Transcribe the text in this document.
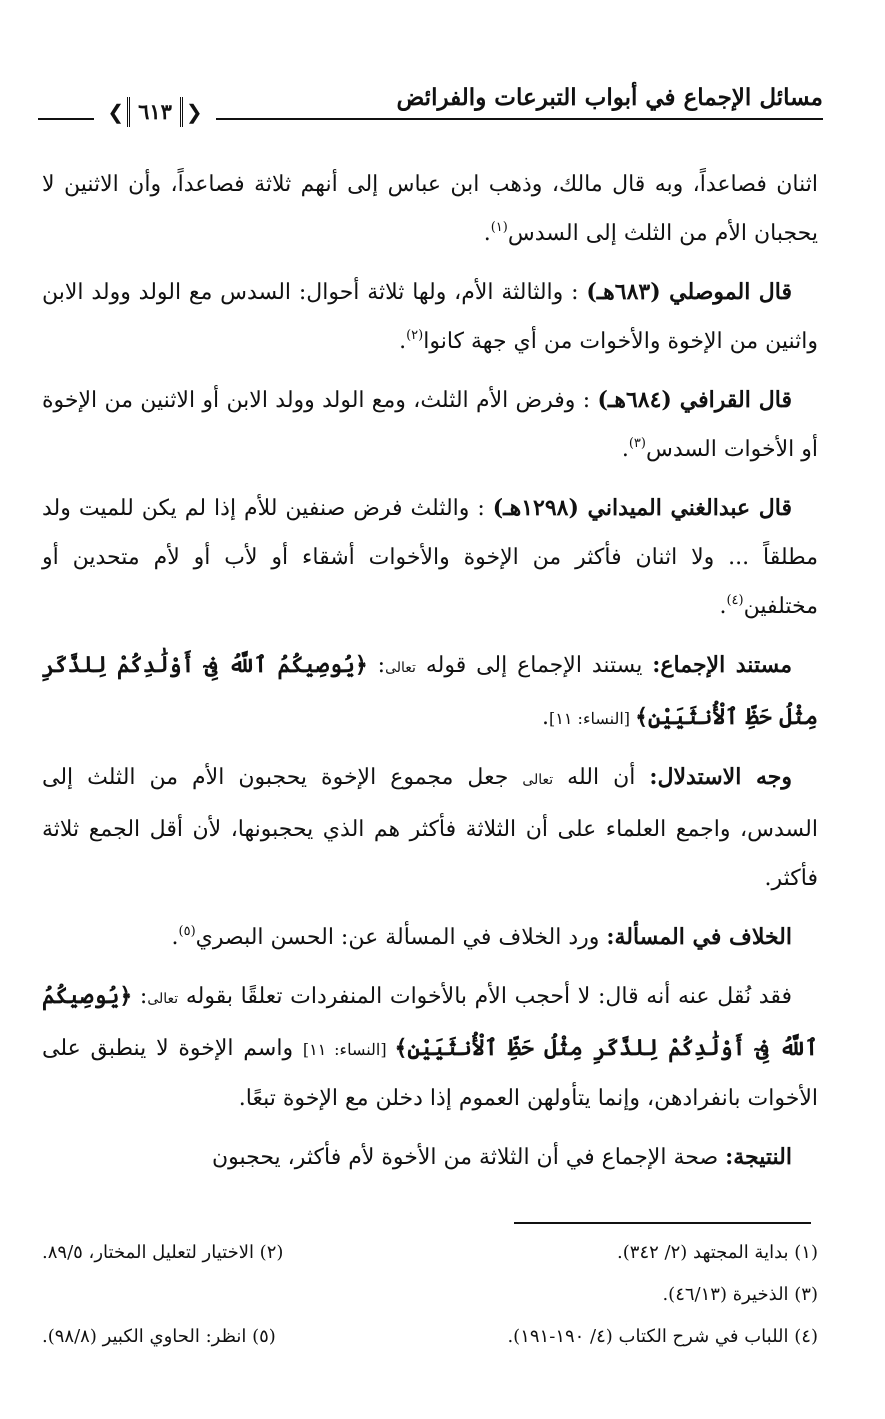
مسائل الإجماع في أبواب التبرعات والفرائض
❮ ٦١٣ ❯

اثنان فصاعداً، وبه قال مالك، وذهب ابن عباس إلى أنهم ثلاثة فصاعداً، وأن الاثنين لا يحجبان الأم من الثلث إلى السدس$^{(١)}$.

قال الموصلي (٦٨٣هـ) : والثالثة الأم، ولها ثلاثة أحوال: السدس مع الولد وولد الابن واثنين من الإخوة والأخوات من أي جهة كانوا$^{(٢)}$.

قال القرافي (٦٨٤هـ) : وفرض الأم الثلث، ومع الولد وولد الابن أو الاثنين من الإخوة أو الأخوات السدس$^{(٣)}$.

قال عبدالغني الميداني (١٢٩٨هـ) : والثلث فرض صنفين للأم إذا لم يكن للميت ولد مطلقاً ... ولا اثنان فأكثر من الإخوة والأخوات أشقاء أو لأب أو لأم متحدين أو مختلفين$^{(٤)}$.

مستند الإجماع: يستند الإجماع إلى قوله تعالى: ﴿يُوصِيكُمُ ٱللَّهُ فِىٓ أَوْلَٰدِكُمْ لِلذَّكَرِ مِثْلُ حَظِّ ٱلْأُنثَيَيْنِ﴾ [النساء: ١١].

وجه الاستدلال: أن الله تعالى جعل مجموع الإخوة يحجبون الأم من الثلث إلى السدس، واجمع العلماء على أن الثلاثة فأكثر هم الذي يحجبونها، لأن أقل الجمع ثلاثة فأكثر.

الخلاف في المسألة: ورد الخلاف في المسألة عن: الحسن البصري$^{(٥)}$.

فقد نُقل عنه أنه قال: لا أحجب الأم بالأخوات المنفردات تعلقًا بقوله تعالى: ﴿يُوصِيكُمُ ٱللَّهُ فِىٓ أَوْلَٰدِكُمْ لِلذَّكَرِ مِثْلُ حَظِّ ٱلْأُنثَيَيْنِ﴾ [النساء: ١١] واسم الإخوة لا ينطبق على الأخوات بانفرادهن، وإنما يتأولهن العموم إذا دخلن مع الإخوة تبعًا.

النتيجة: صحة الإجماع في أن الثلاثة من الأخوة لأم فأكثر، يحجبون

(١) بداية المجتهد (٢/ ٣٤٢).
(٢) الاختيار لتعليل المختار، ٨٩/٥.
(٣) الذخيرة (٤٦/١٣).
(٤) اللباب في شرح الكتاب (٤/ ١٩٠-١٩١).
(٥) انظر: الحاوي الكبير (٩٨/٨).
